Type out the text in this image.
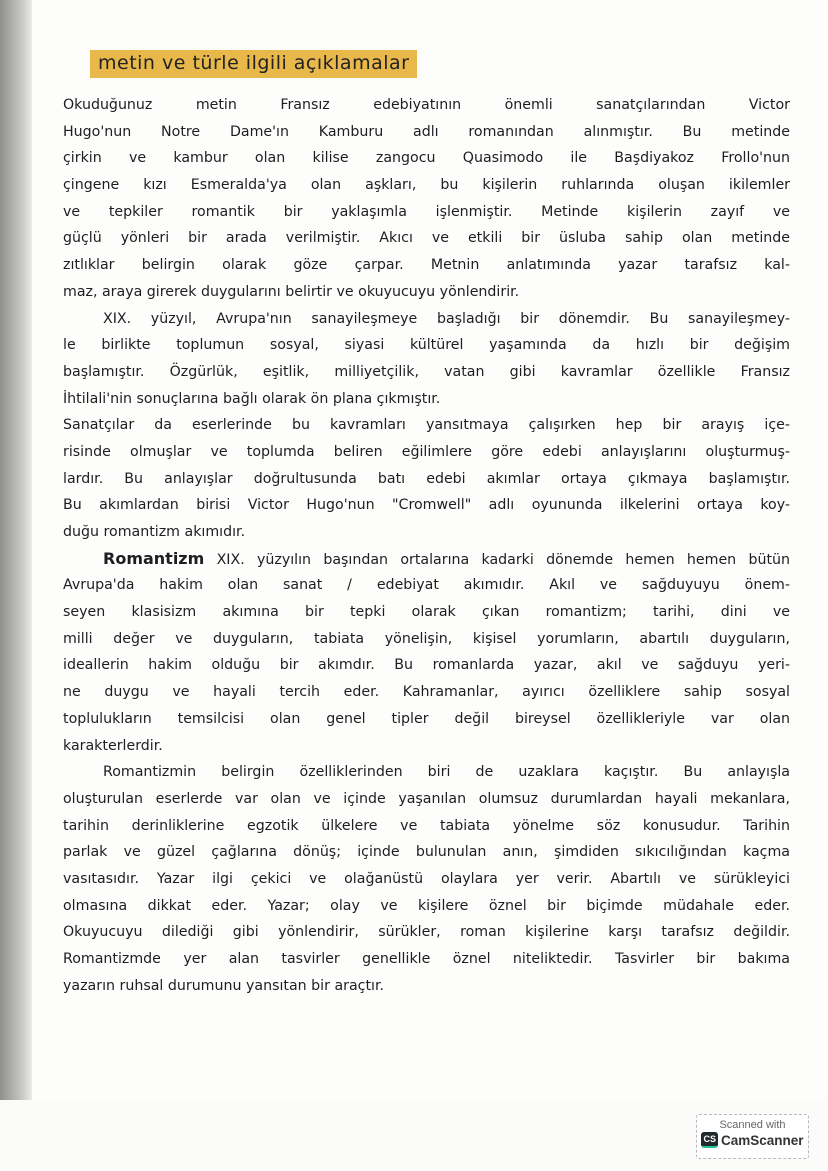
metin ve türle ilgili açıklamalar
Okuduğunuz metin Fransız edebiyatının önemli sanatçılarından Victor
Hugo'nun Notre Dame'ın Kamburu adlı romanından alınmıştır. Bu metinde
çirkin ve kambur olan kilise zangocu Quasimodo ile Başdiyakoz Frollo'nun
çingene kızı Esmeralda'ya olan aşkları, bu kişilerin ruhlarında oluşan ikilemler
ve tepkiler romantik bir yaklaşımla işlenmiştir. Metinde kişilerin zayıf ve
güçlü yönleri bir arada verilmiştir. Akıcı ve etkili bir üsluba sahip olan metinde
zıtlıklar belirgin olarak göze çarpar. Metnin anlatımında yazar tarafsız kal-
maz, araya girerek duygularını belirtir ve okuyucuyu yönlendirir.
XIX. yüzyıl, Avrupa'nın sanayileşmeye başladığı bir dönemdir. Bu sanayileşmey-
le birlikte toplumun sosyal, siyasi kültürel yaşamında da hızlı bir değişim
başlamıştır. Özgürlük, eşitlik, milliyetçilik, vatan gibi kavramlar özellikle Fransız
İhtilali'nin sonuçlarına bağlı olarak ön plana çıkmıştır.
Sanatçılar da eserlerinde bu kavramları yansıtmaya çalışırken hep bir arayış içe-
risinde olmuşlar ve toplumda beliren eğilimlere göre edebi anlayışlarını oluşturmuş-
lardır. Bu anlayışlar doğrultusunda batı edebi akımlar ortaya çıkmaya başlamıştır.
Bu akımlardan birisi Victor Hugo'nun "Cromwell" adlı oyununda ilkelerini ortaya koy-
duğu romantizm akımıdır.
Romantizm XIX. yüzyılın başından ortalarına kadarki dönemde hemen hemen bütün
Avrupa'da hakim olan sanat / edebiyat akımıdır. Akıl ve sağduyuyu önem-
seyen klasisizm akımına bir tepki olarak çıkan romantizm; tarihi, dini ve
milli değer ve duyguların, tabiata yönelişin, kişisel yorumların, abartılı duyguların,
ideallerin hakim olduğu bir akımdır. Bu romanlarda yazar, akıl ve sağduyu yeri-
ne duygu ve hayali tercih eder. Kahramanlar, ayırıcı özelliklere sahip sosyal
toplulukların temsilcisi olan genel tipler değil bireysel özellikleriyle var olan
karakterlerdir.
Romantizmin belirgin özelliklerinden biri de uzaklara kaçıştır. Bu anlayışla
oluşturulan eserlerde var olan ve içinde yaşanılan olumsuz durumlardan hayali mekanlara,
tarihin derinliklerine egzotik ülkelere ve tabiata yönelme söz konusudur. Tarihin
parlak ve güzel çağlarına dönüş; içinde bulunulan anın, şimdiden sıkıcılığından kaçma
vasıtasıdır. Yazar ilgi çekici ve olağanüstü olaylara yer verir. Abartılı ve sürükleyici
olmasına dikkat eder. Yazar; olay ve kişilere öznel bir biçimde müdahale eder.
Okuyucuyu dilediği gibi yönlendirir, sürükler, roman kişilerine karşı tarafsız değildir.
Romantizmde yer alan tasvirler genellikle öznel niteliktedir. Tasvirler bir bakıma
yazarın ruhsal durumunu yansıtan bir araçtır.
Scanned with
CS CamScanner
